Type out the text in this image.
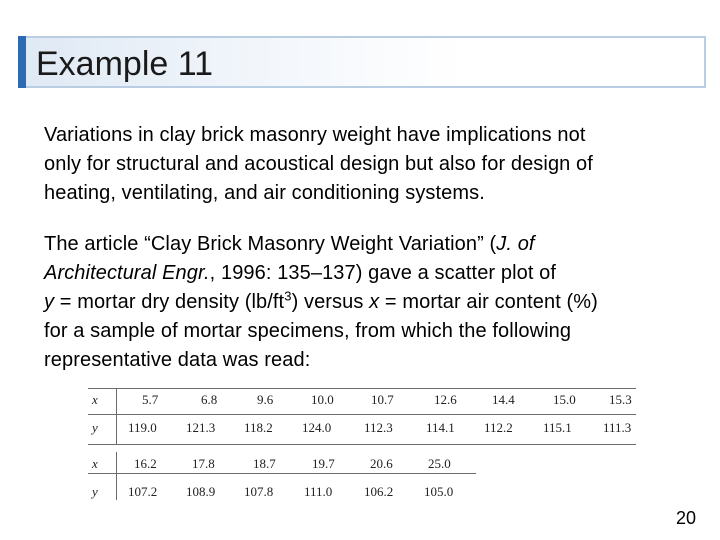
Example 11
Variations in clay brick masonry weight have implications not
only for structural and acoustical design but also for design of
heating, ventilating, and air conditioning systems.
The article “Clay Brick Masonry Weight Variation” (J. of
Architectural Engr., 1996: 135–137) gave a scatter plot of
y = mortar dry density $(lb/ft^3)$ versus x = mortar air content (%)
for a sample of mortar specimens, from which the following
representative data was read:
x	5.7	6.8	9.6	10.0	10.7	12.6	14.4	15.0	15.3
y 119.0 121.3 118.2 124.0	112.3	114.1 112.2 115.1 111.3
x	16.2	17.8	18.7	19.7	20.6	25.0
y 107.2 108.9 107.8 111.0 106.2 105.0
20
